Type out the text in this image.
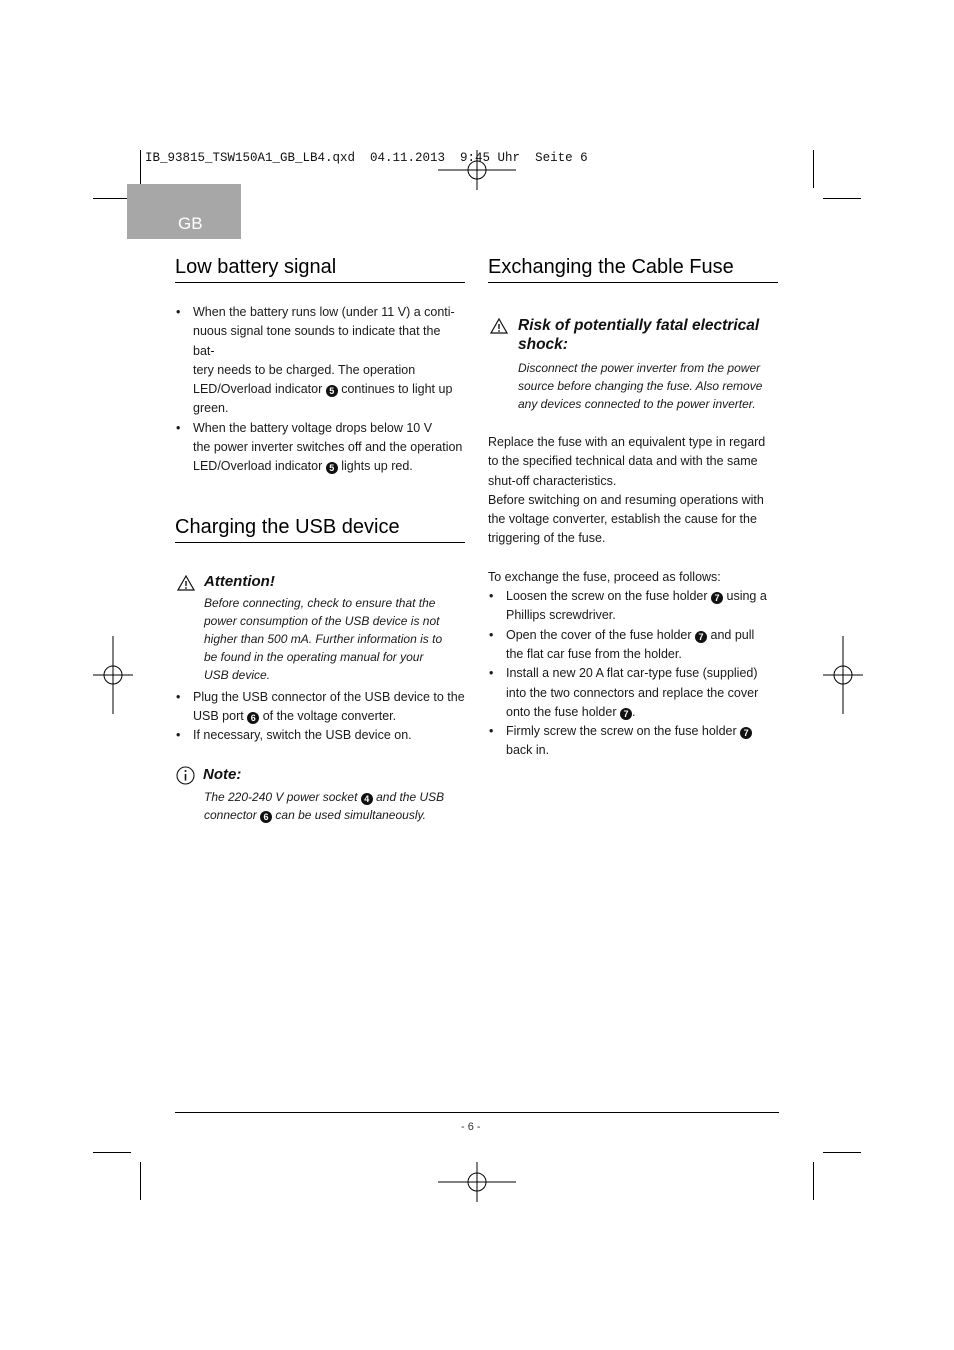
IB_93815_TSW150A1_GB_LB4.qxd  04.11.2013  9:45 Uhr  Seite 6
GB
Low battery signal
• When the battery runs low (under 11 V) a conti-
nuous signal tone sounds to indicate that the bat-
tery needs to be charged. The operation
LED/Overload indicator 5 continues to light up
green.
• When the battery voltage drops below 10 V
the power inverter switches off and the operation
LED/Overload indicator 5 lights up red.
Charging the USB device
Attention!
Before connecting, check to ensure that the
power consumption of the USB device is not
higher than 500 mA. Further information is to
be found in the operating manual for your
USB device.
• Plug the USB connector of the USB device to the
USB port 6 of the voltage converter.
• If necessary, switch the USB device on.
Note:
The 220-240 V power socket 4 and the USB
connector 6 can be used simultaneously.
Exchanging the Cable Fuse
Risk of potentially fatal electrical
shock:
Disconnect the power inverter from the power
source before changing the fuse. Also remove
any devices connected to the power inverter.
Replace the fuse with an equivalent type in regard
to the specified technical data and with the same
shut-off characteristics.
Before switching on and resuming operations with
the voltage converter, establish the cause for the
triggering of the fuse.
To exchange the fuse, proceed as follows:
• Loosen the screw on the fuse holder 7 using a
Phillips screwdriver.
• Open the cover of the fuse holder 7 and pull
the flat car fuse from the holder.
• Install a new 20 A flat car-type fuse (supplied)
into the two connectors and replace the cover
onto the fuse holder 7 .
• Firmly screw the screw on the fuse holder 7
back in.
- 6 -
